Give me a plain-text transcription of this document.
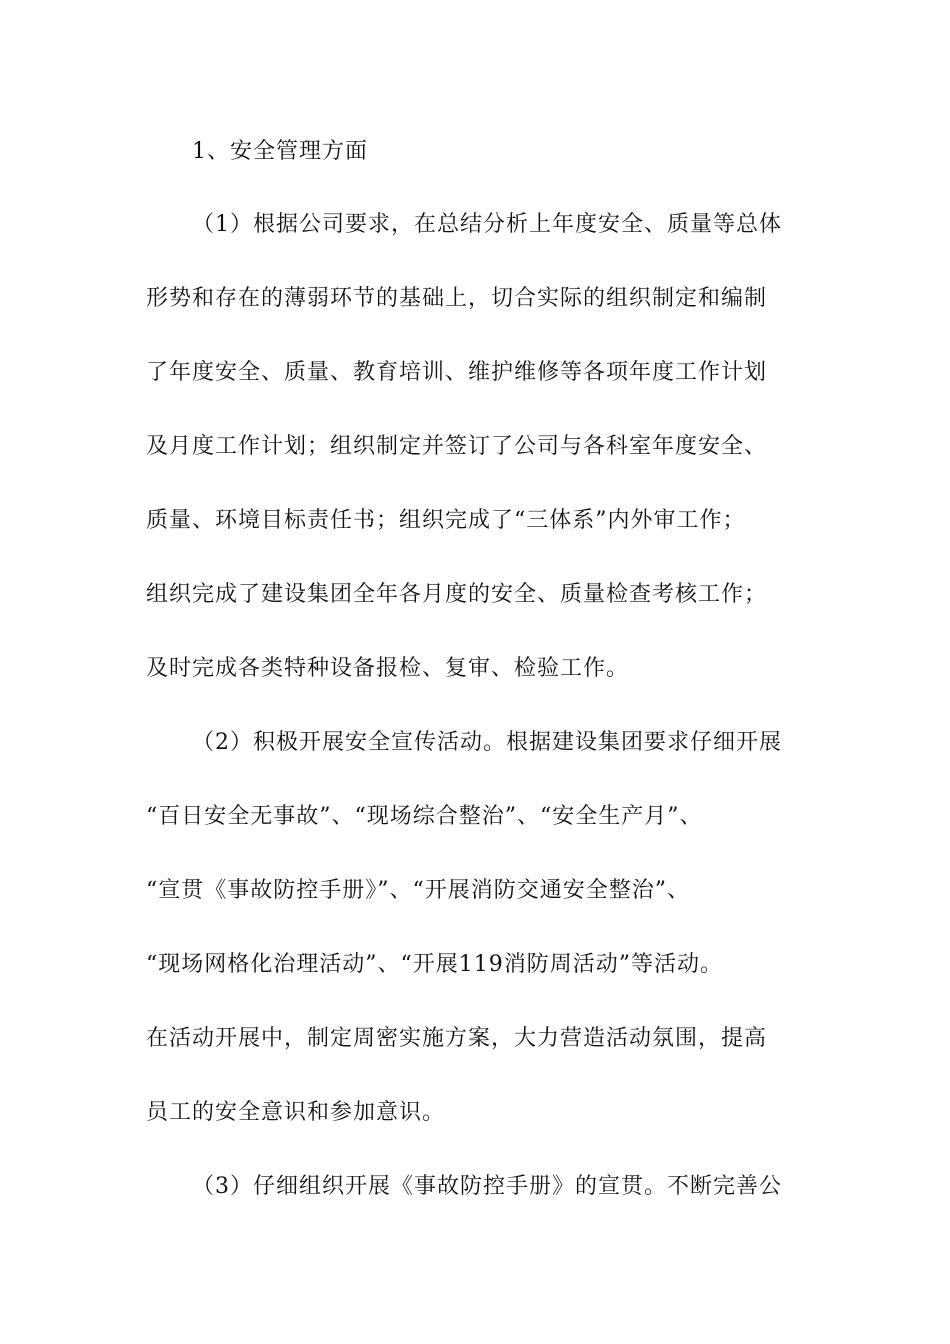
1、安全管理方面
（1）根据公司要求，在总结分析上年度安全、质量等总体
形势和存在的薄弱环节的基础上，切合实际的组织制定和编制
了年度安全、质量、教育培训、维护维修等各项年度工作计划
及月度工作计划；组织制定并签订了公司与各科室年度安全、
质量、环境目标责任书；组织完成了“三体系”内外审工作；
组织完成了建设集团全年各月度的安全、质量检查考核工作；
及时完成各类特种设备报检、复审、检验工作。
（2）积极开展安全宣传活动。根据建设集团要求仔细开展
“百日安全无事故”、“现场综合整治”、“安全生产月”、
“宣贯《事故防控手册》”、“开展消防交通安全整治”、
“现场网格化治理活动”、“开展119消防周活动”等活动。
在活动开展中，制定周密实施方案，大力营造活动氛围，提高
员工的安全意识和参加意识。
（3）仔细组织开展《事故防控手册》的宣贯。不断完善公
